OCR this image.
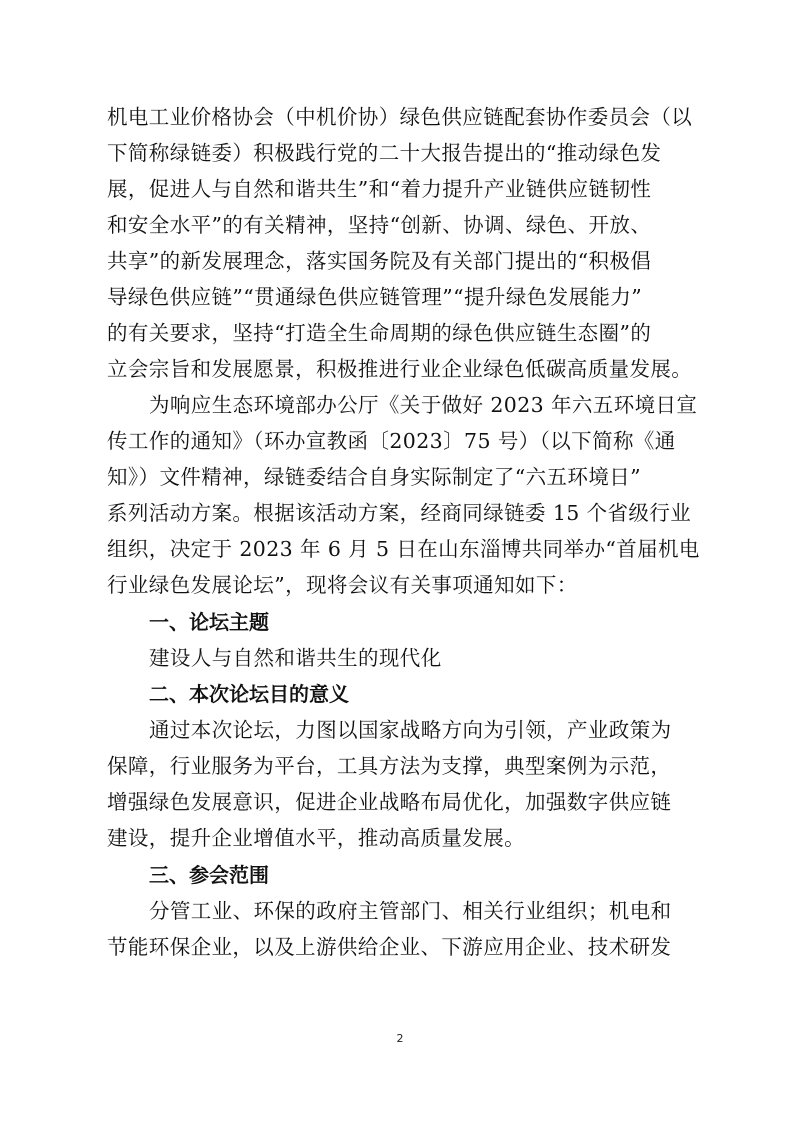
机电工业价格协会（中机价协）绿色供应链配套协作委员会（以
下简称绿链委）积极践行党的二十大报告提出的“推动绿色发
展，促进人与自然和谐共生”和“着力提升产业链供应链韧性
和安全水平”的有关精神，坚持“创新、协调、绿色、开放、
共享”的新发展理念，落实国务院及有关部门提出的“积极倡
导绿色供应链”“贯通绿色供应链管理”“提升绿色发展能力”
的有关要求，坚持“打造全生命周期的绿色供应链生态圈”的
立会宗旨和发展愿景，积极推进行业企业绿色低碳高质量发展。
为响应生态环境部办公厅《关于做好 2023 年六五环境日宣
传工作的通知》（环办宣教函〔2023〕75 号）（以下简称《通
知》）文件精神，绿链委结合自身实际制定了“六五环境日”
系列活动方案。根据该活动方案，经商同绿链委 15 个省级行业
组织，决定于 2023 年 6 月 5 日在山东淄博共同举办“首届机电
行业绿色发展论坛”，现将会议有关事项通知如下：
一、论坛主题
建设人与自然和谐共生的现代化
二、本次论坛目的意义
通过本次论坛，力图以国家战略方向为引领，产业政策为
保障，行业服务为平台，工具方法为支撑，典型案例为示范，
增强绿色发展意识，促进企业战略布局优化，加强数字供应链
建设，提升企业增值水平，推动高质量发展。
三、参会范围
分管工业、环保的政府主管部门、相关行业组织；机电和
节能环保企业，以及上游供给企业、下游应用企业、技术研发
2
